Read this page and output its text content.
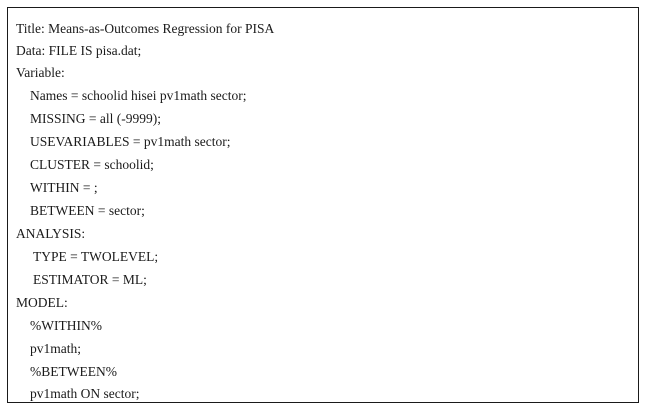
Title: Means-as-Outcomes Regression for PISA
Data: FILE IS pisa.dat;
Variable:
Names = schoolid hisei pv1math sector;
MISSING = all (-9999);
USEVARIABLES = pv1math sector;
CLUSTER = schoolid;
WITHIN = ;
BETWEEN = sector;
ANALYSIS:
TYPE = TWOLEVEL;
ESTIMATOR = ML;
MODEL:
%WITHIN%
pv1math;
%BETWEEN%
pv1math ON sector;
